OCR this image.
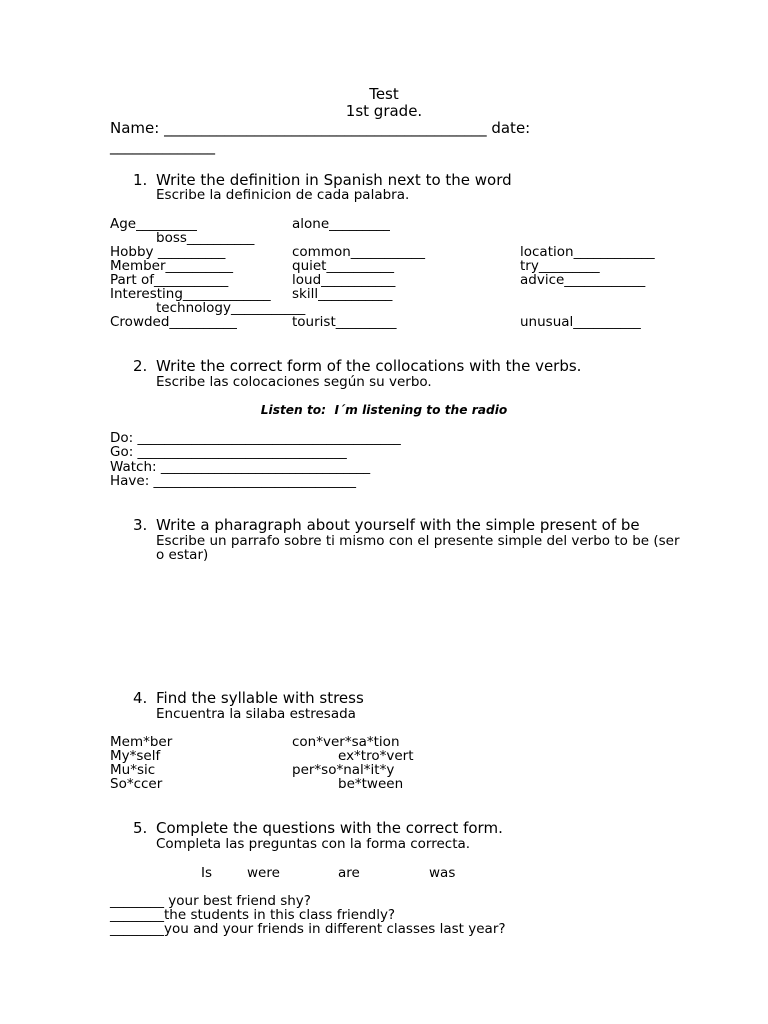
Test
1st grade.
Name: ___________________________________________ date:
______________
1. Write the definition in Spanish next to the word
Escribe la definicion de cada palabra.
Age_________	alone_________
boss__________
Hobby __________	common___________	location____________
Member__________	quiet__________	try_________
Part of___________	loud___________	advice____________
Interesting_____________ skill___________
technology___________
Crowded__________	tourist_________	unusual__________
2. Write the correct form of the collocations with the verbs.
Escribe las colocaciones según su verbo.
Listen to:  I´m listening to the radio
Do: _______________________________________
Go: _______________________________
Watch: _______________________________
Have: ______________________________
3. Write a pharagraph about yourself with the simple present of be
Escribe un parrafo sobre ti mismo con el presente simple del verbo to be (ser
o estar)
4. Find the syllable with stress
Encuentra la silaba estresada
Mem*ber	con*ver*sa*tion
My*self	ex*tro*vert
Mu*sic	per*so*nal*it*y
So*ccer	be*tween
5. Complete the questions with the correct form.
Completa las preguntas con la forma correcta.
Is	were	are	was
________ your best friend shy?
________the students in this class friendly?
________you and your friends in different classes last year?
